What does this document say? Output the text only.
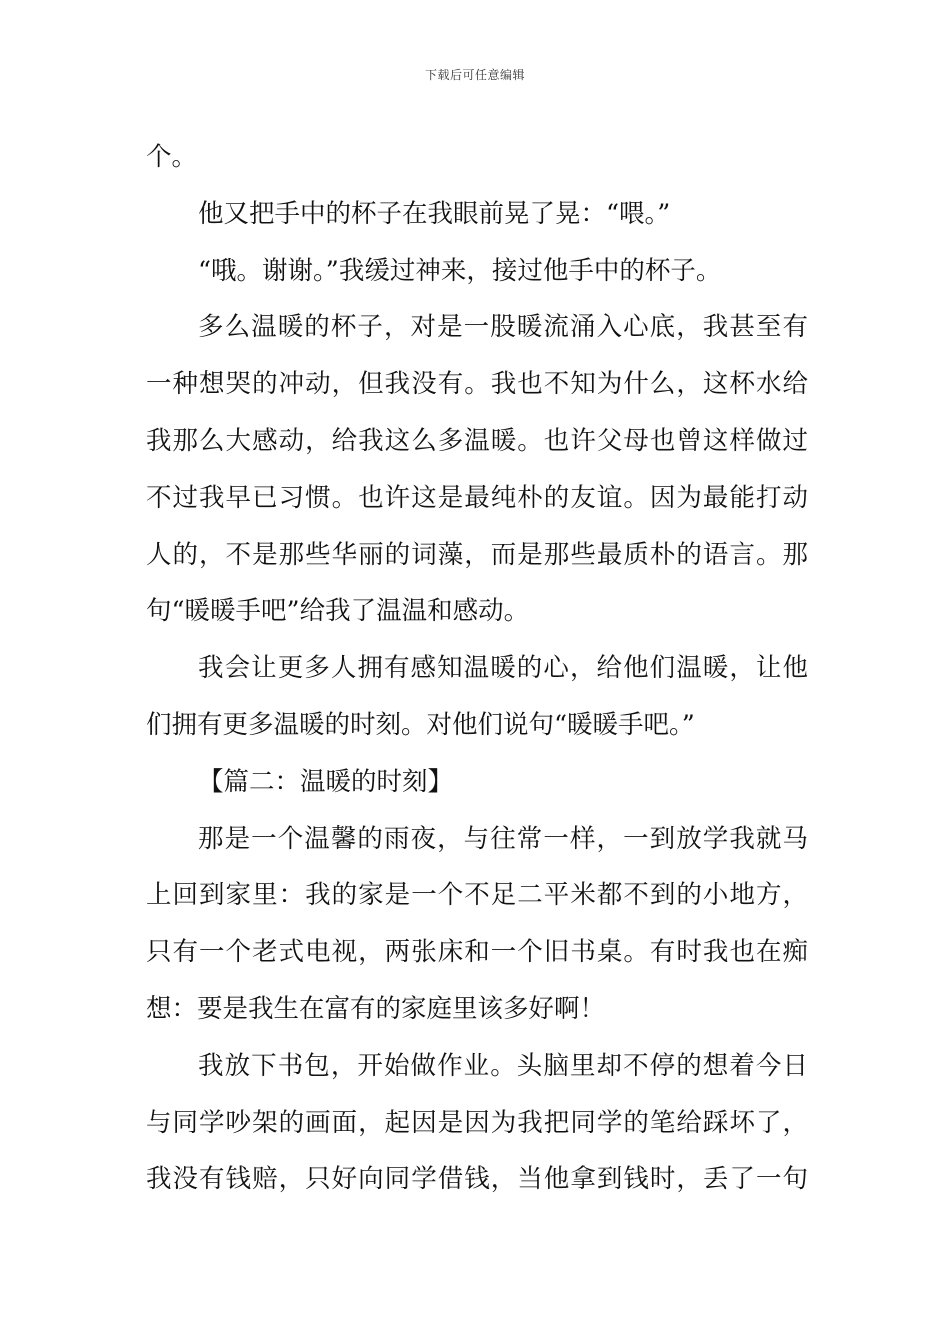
下载后可任意编辑
个。
他又把手中的杯子在我眼前晃了晃：“喂。”
“哦。谢谢。”我缓过神来，接过他手中的杯子。
多么温暖的杯子，对是一股暖流涌入心底，我甚至有
一种想哭的冲动，但我没有。我也不知为什么，这杯水给
我那么大感动，给我这么多温暖。也许父母也曾这样做过
不过我早已习惯。也许这是最纯朴的友谊。因为最能打动
人的，不是那些华丽的词藻，而是那些最质朴的语言。那
句“暖暖手吧”给我了温温和感动。
我会让更多人拥有感知温暖的心，给他们温暖，让他
们拥有更多温暖的时刻。对他们说句“暖暖手吧。”
【篇二：温暖的时刻】
那是一个温馨的雨夜，与往常一样，一到放学我就马
上回到家里：我的家是一个不足二平米都不到的小地方，
只有一个老式电视，两张床和一个旧书桌。有时我也在痴
想：要是我生在富有的家庭里该多好啊！
我放下书包，开始做作业。头脑里却不停的想着今日
与同学吵架的画面，起因是因为我把同学的笔给踩坏了，
我没有钱赔，只好向同学借钱，当他拿到钱时，丢了一句
